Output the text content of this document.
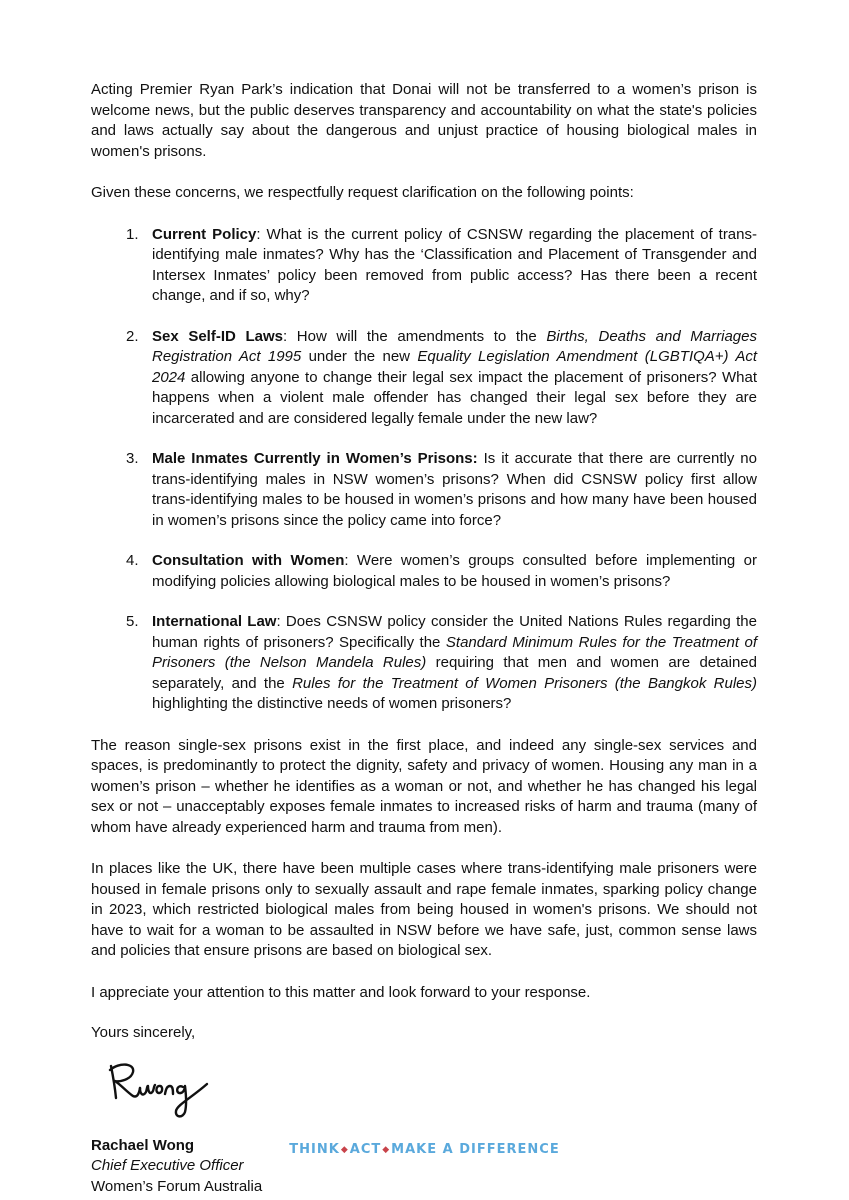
Acting Premier Ryan Park’s indication that Donai will not be transferred to a women’s prison is welcome news, but the public deserves transparency and accountability on what the state's policies and laws actually say about the dangerous and unjust practice of housing biological males in women's prisons.

Given these concerns, we respectfully request clarification on the following points:

1. Current Policy: What is the current policy of CSNSW regarding the placement of trans-identifying male inmates? Why has the ‘Classification and Placement of Transgender and Intersex Inmates’ policy been removed from public access? Has there been a recent change, and if so, why?
2. Sex Self-ID Laws: How will the amendments to the Births, Deaths and Marriages Registration Act 1995 under the new Equality Legislation Amendment (LGBTIQA+) Act 2024 allowing anyone to change their legal sex impact the placement of prisoners? What happens when a violent male offender has changed their legal sex before they are incarcerated and are considered legally female under the new law?
3. Male Inmates Currently in Women’s Prisons: Is it accurate that there are currently no trans-identifying males in NSW women’s prisons? When did CSNSW policy first allow trans-identifying males to be housed in women’s prisons and how many have been housed in women’s prisons since the policy came into force?
4. Consultation with Women: Were women’s groups consulted before implementing or modifying policies allowing biological males to be housed in women’s prisons?
5. International Law: Does CSNSW policy consider the United Nations Rules regarding the human rights of prisoners? Specifically the Standard Minimum Rules for the Treatment of Prisoners (the Nelson Mandela Rules) requiring that men and women are detained separately, and the Rules for the Treatment of Women Prisoners (the Bangkok Rules) highlighting the distinctive needs of women prisoners?

The reason single-sex prisons exist in the first place, and indeed any single-sex services and spaces, is predominantly to protect the dignity, safety and privacy of women. Housing any man in a women’s prison – whether he identifies as a woman or not, and whether he has changed his legal sex or not – unacceptably exposes female inmates to increased risks of harm and trauma (many of whom have already experienced harm and trauma from men).

In places like the UK, there have been multiple cases where trans-identifying male prisoners were housed in female prisons only to sexually assault and rape female inmates, sparking policy change in 2023, which restricted biological males from being housed in women's prisons. We should not have to wait for a woman to be assaulted in NSW before we have safe, just, common sense laws and policies that ensure prisons are based on biological sex.

I appreciate your attention to this matter and look forward to your response.

Yours sincerely,

Rachael Wong

Chief Executive Officer

Women’s Forum Australia

THINK◆ACT◆MAKE A DIFFERENCE
